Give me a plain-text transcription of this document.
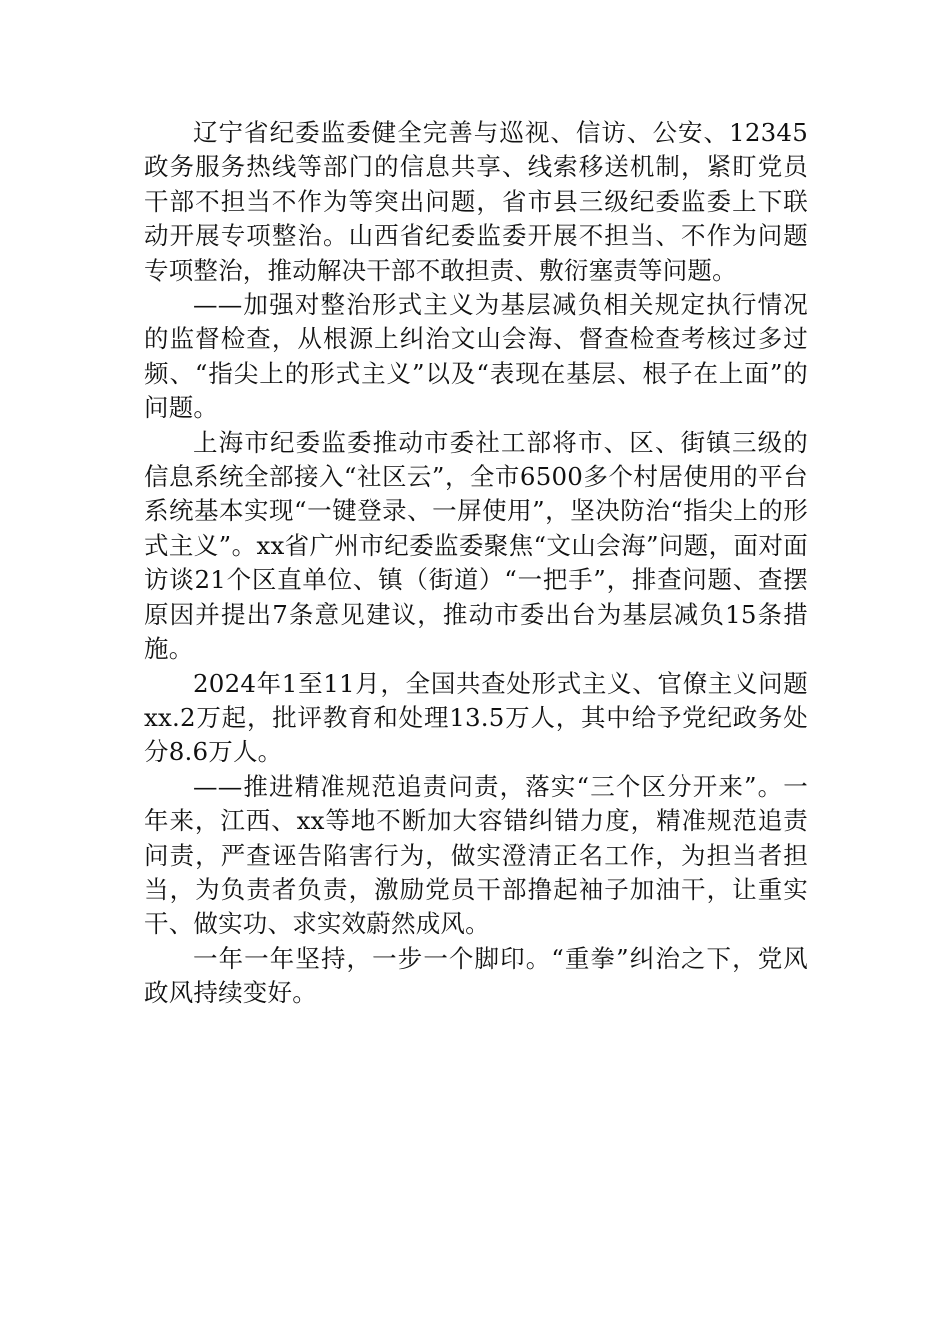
辽宁省纪委监委健全完善与巡视、信访、公安、12345政务服务热线等部门的信息共享、线索移送机制，紧盯党员干部不担当不作为等突出问题，省市县三级纪委监委上下联动开展专项整治。山西省纪委监委开展不担当、不作为问题专项整治，推动解决干部不敢担责、敷衍塞责等问题。

——加强对整治形式主义为基层减负相关规定执行情况的监督检查，从根源上纠治文山会海、督查检查考核过多过频、“指尖上的形式主义”以及“表现在基层、根子在上面”的问题。

上海市纪委监委推动市委社工部将市、区、街镇三级的信息系统全部接入“社区云”，全市6500多个村居使用的平台系统基本实现“一键登录、一屏使用”，坚决防治“指尖上的形式主义”。xx省广州市纪委监委聚焦“文山会海”问题，面对面访谈21个区直单位、镇（街道）“一把手”，排查问题、查摆原因并提出7条意见建议，推动市委出台为基层减负15条措施。

2024年1至11月，全国共查处形式主义、官僚主义问题xx.2万起，批评教育和处理13.5万人，其中给予党纪政务处分8.6万人。

——推进精准规范追责问责，落实“三个区分开来”。一年来，江西、xx等地不断加大容错纠错力度，精准规范追责问责，严查诬告陷害行为，做实澄清正名工作，为担当者担当，为负责者负责，激励党员干部撸起袖子加油干，让重实干、做实功、求实效蔚然成风。

一年一年坚持，一步一个脚印。“重拳”纠治之下，党风政风持续变好。
